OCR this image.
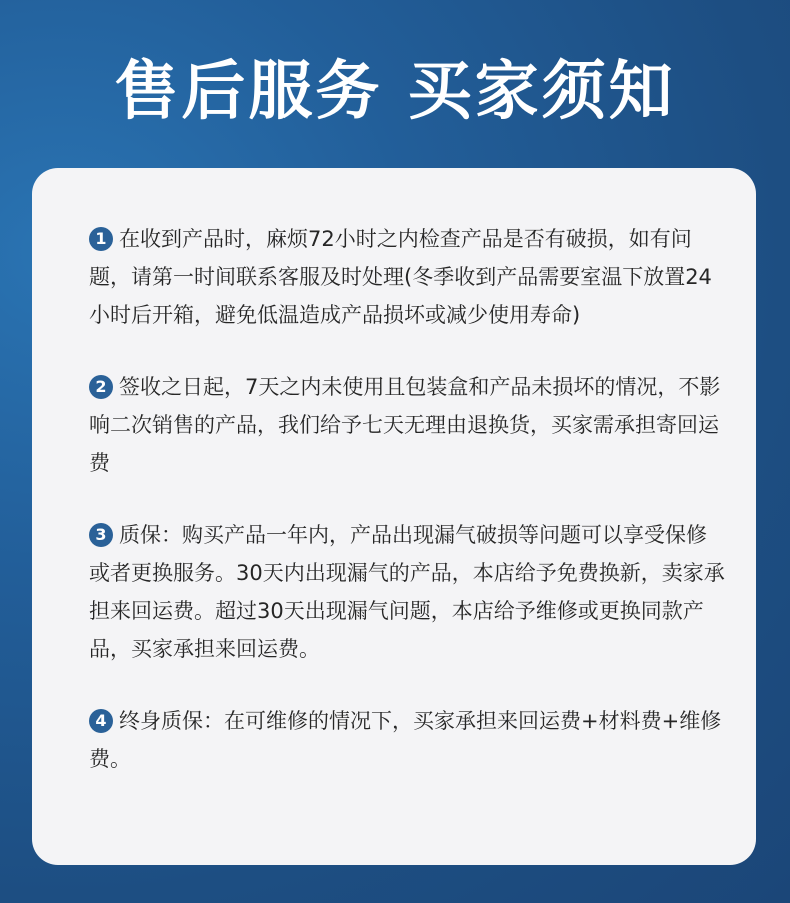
售后服务 买家须知
1 在收到产品时，麻烦72小时之内检查产品是否有破损，如有问题，请第一时间联系客服及时处理(冬季收到产品需要室温下放置24小时后开箱，避免低温造成产品损坏或减少使用寿命)
2 签收之日起，7天之内未使用且包装盒和产品未损坏的情况，不影响二次销售的产品，我们给予七天无理由退换货，买家需承担寄回运费
3 质保：购买产品一年内，产品出现漏气破损等问题可以享受保修或者更换服务。30天内出现漏气的产品，本店给予免费换新，卖家承担来回运费。超过30天出现漏气问题，本店给予维修或更换同款产品，买家承担来回运费。
4 终身质保：在可维修的情况下，买家承担来回运费+材料费+维修费。
